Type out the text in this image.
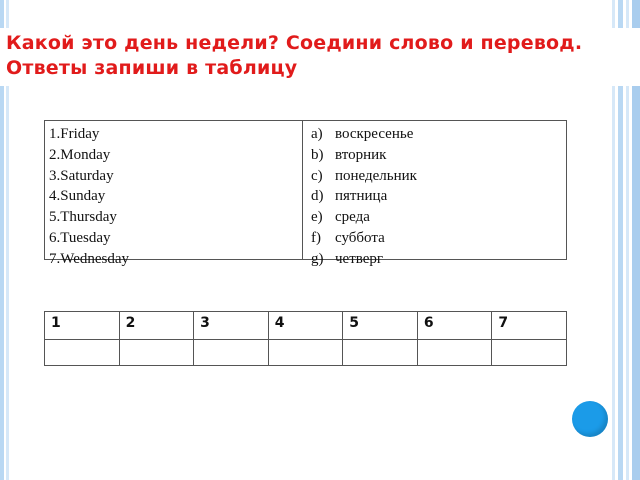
Какой это день недели? Соедини слово и перевод.
Ответы запиши в таблицу
1.Friday
2.Monday
3.Saturday
4.Sunday
5.Thursday
6.Tuesday
7.Wednesday
a) воскресенье
b) вторник
c) понедельник
d) пятница
e) среда
f) суббота
g) четверг
1	2	3	4	5	6	7
